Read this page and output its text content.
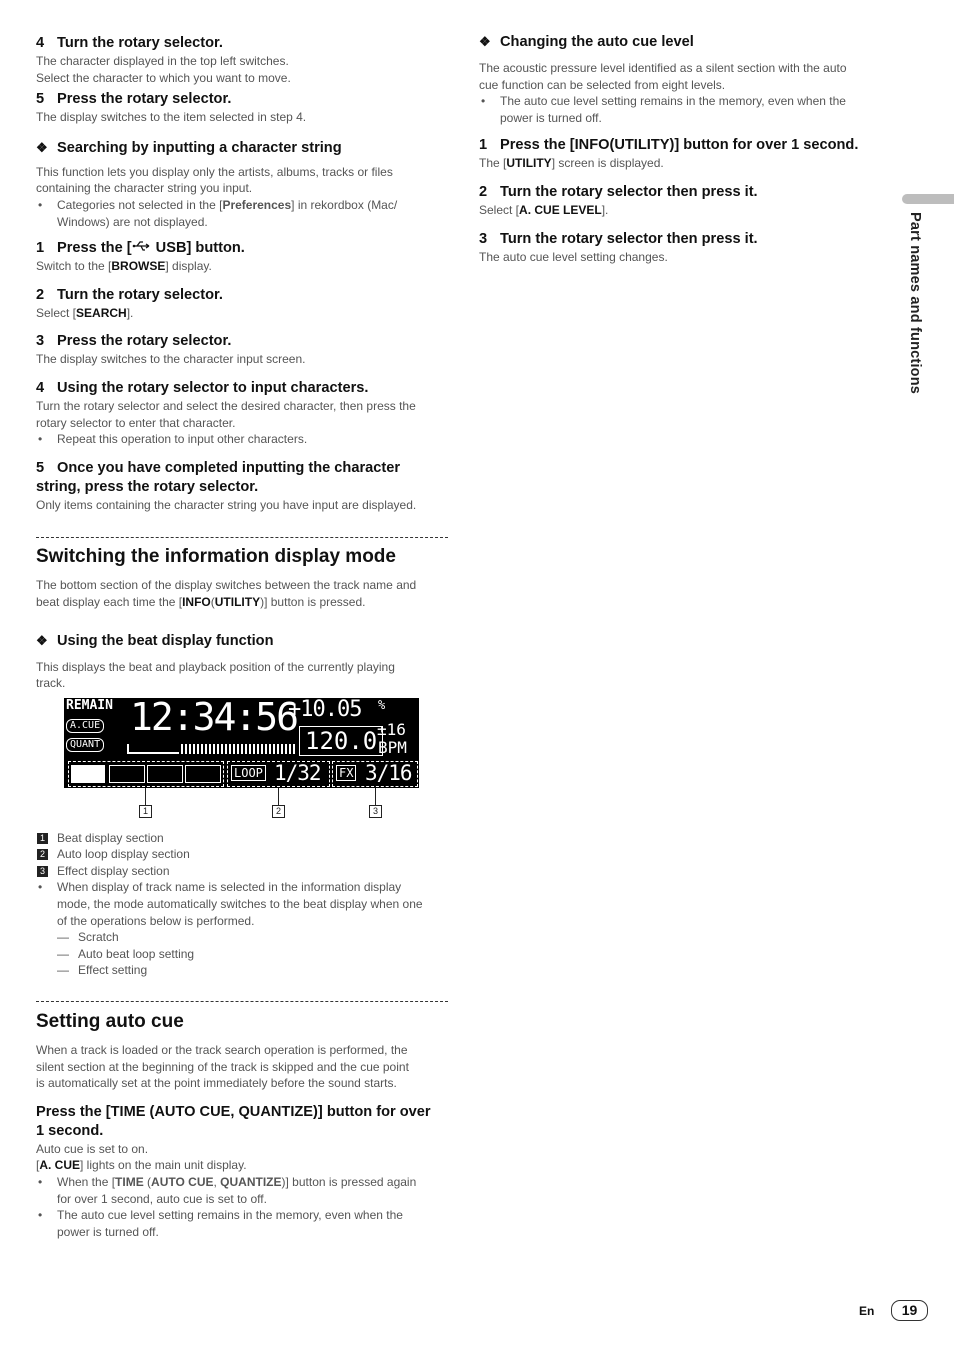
4 Turn the rotary selector.

The character displayed in the top left switches.

Select the character to which you want to move.

5 Press the rotary selector.

The display switches to the item selected in step 4.

❖ Searching by inputting a character string

This function lets you display only the artists, albums, tracks or files

containing the character string you input.

• Categories not selected in the [Preferences] in rekordbox (Mac/
Windows) are not displayed.

1 Press the [ USB] button.

Switch to the [BROWSE] display.

2 Turn the rotary selector.

Select [SEARCH].

3 Press the rotary selector.

The display switches to the character input screen.

4 Using the rotary selector to input characters.

Turn the rotary selector and select the desired character, then press the

rotary selector to enter that character.

• Repeat this operation to input other characters.

5 Once you have completed inputting the character
string, press the rotary selector.

Only items containing the character string you have input are displayed.

Switching the information display mode

The bottom section of the display switches between the track name and

beat display each time the [INFO(UTILITY)] button is pressed.

❖ Using the beat display function

This displays the beat and playback position of the currently playing

track.

REMAIN
A.CUE
QUANT
12:34:56
+10.05 %
±16
120.0 BPM
LOOP 1/32 FX 3/16
1	2	3
1 Beat display section
2 Auto loop display section
3 Effect display section
• When display of track name is selected in the information display
mode, the mode automatically switches to the beat display when one
of the operations below is performed.
— Scratch
— Auto beat loop setting
— Effect setting

Setting auto cue

When a track is loaded or the track search operation is performed, the

silent section at the beginning of the track is skipped and the cue point

is automatically set at the point immediately before the sound starts.

Press the [TIME (AUTO CUE, QUANTIZE)] button for over
1 second.

Auto cue is set to on.

[A. CUE] lights on the main unit display.

• When the [TIME (AUTO CUE, QUANTIZE)] button is pressed again
for over 1 second, auto cue is set to off.
• The auto cue level setting remains in the memory, even when the
power is turned off.

❖ Changing the auto cue level

The acoustic pressure level identified as a silent section with the auto

cue function can be selected from eight levels.

• The auto cue level setting remains in the memory, even when the
power is turned off.

1 Press the [INFO(UTILITY)] button for over 1 second.

The [UTILITY] screen is displayed.

2 Turn the rotary selector then press it.

Select [A. CUE LEVEL].

3 Turn the rotary selector then press it.

The auto cue level setting changes.	Part names and functions
En	19
